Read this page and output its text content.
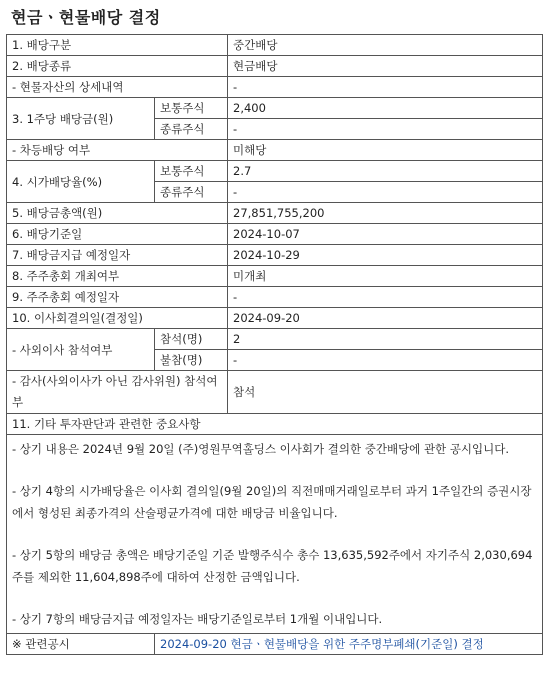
현금ㆍ현물배당 결정
1. 배당구분		중간배당
2. 배당종류		현금배당
- 현물자산의 상세내역		-
3. 1주당 배당금(원)	보통주식	2,400
	종류주식	-
- 차등배당 여부		미해당
4. 시가배당율(%)	보통주식	2.7
	종류주식	-
5. 배당금총액(원)		27,851,755,200
6. 배당기준일		2024-10-07
7. 배당금지급 예정일자		2024-10-29
8. 주주총회 개최여부		미개최
9. 주주총회 예정일자		-
10. 이사회결의일(결정일)		2024-09-20
- 사외이사 참석여부	참석(명)	2
	불참(명)	-
- 감사(사외이사가 아닌 감사위원) 참석여부		참석
11. 기타 투자판단과 관련한 중요사항		

- 상기 내용은 2024년 9월 20일 (주)영원무역홀딩스 이사회가 결의한 중간배당에 관한 공시입니다.

- 상기 4항의 시가배당율은 이사회 결의일(9월 20일)의 직전매매거래일로부터 과거 1주일간의 증권시장에서 형성된 최종가격의 산술평균가격에 대한 배당금 비율입니다.

- 상기 5항의 배당금 총액은 배당기준일 기준 발행주식수 총수 13,635,592주에서 자기주식 2,030,694주를 제외한 11,604,898주에 대하여 산정한 금액입니다.

- 상기 7항의 배당금지급 예정일자는 배당기준일로부터 1개월 이내입니다.		

※ 관련공시	2024-09-20 현금ㆍ현물배당을 위한 주주명부폐쇄(기준일) 결정	
